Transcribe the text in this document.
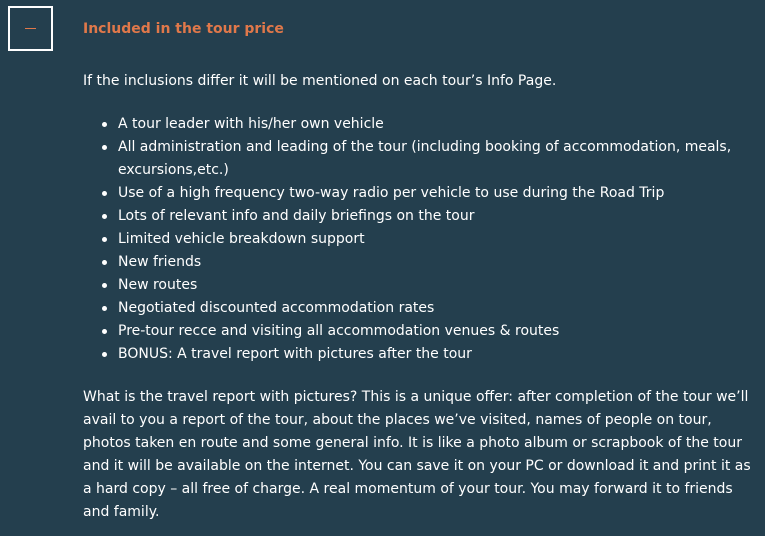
Included in the tour price

If the inclusions differ it will be mentioned on each tour’s Info Page.

A tour leader with his/her own vehicle
All administration and leading of the tour (including booking of accommodation, meals, excursions,etc.)
Use of a high frequency two-way radio per vehicle to use during the Road Trip
Lots of relevant info and daily briefings on the tour
Limited vehicle breakdown support
New friends
New routes
Negotiated discounted accommodation rates
Pre-tour recce and visiting all accommodation venues & routes
BONUS: A travel report with pictures after the tour

What is the travel report with pictures? This is a unique offer: after completion of the tour we’ll avail to you a report of the tour, about the places we’ve visited, names of people on tour, photos taken en route and some general info. It is like a photo album or scrapbook of the tour and it will be available on the internet. You can save it on your PC or download it and print it as a hard copy – all free of charge. A real momentum of your tour. You may forward it to friends and family.
